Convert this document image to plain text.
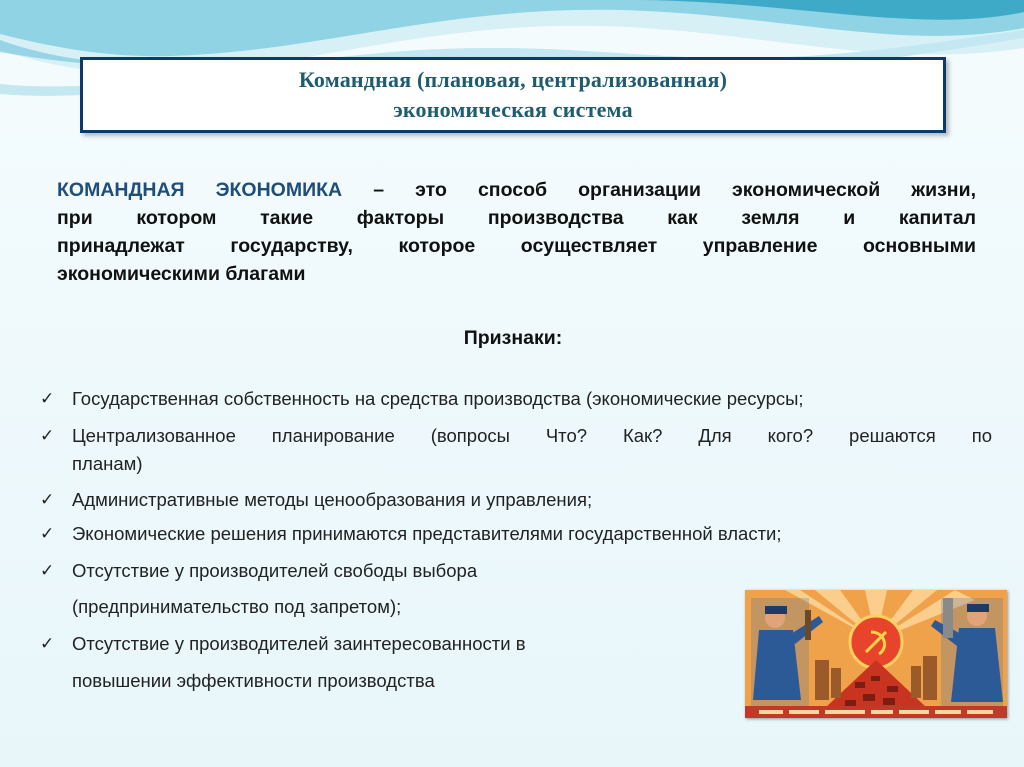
Командная (плановая, централизованная)
экономическая система
КОМАНДНАЯ ЭКОНОМИКА – это способ организации экономической жизни,
при котором такие факторы производства как земля и капитал
принадлежат государству, которое осуществляет управление основными
экономическими благами
Признаки:
✓ Государственная собственность на средства производства (экономические ресурсы;
✓ Централизованное планирование (вопросы Что? Как? Для кого? решаются по
планам)
✓ Административные методы ценообразования и управления;
✓ Экономические решения принимаются представителями государственной власти;
✓ Отсутствие у производителей свободы выбора
(предпринимательство под запретом);
✓ Отсутствие у производителей заинтересованности в
повышении эффективности производства
